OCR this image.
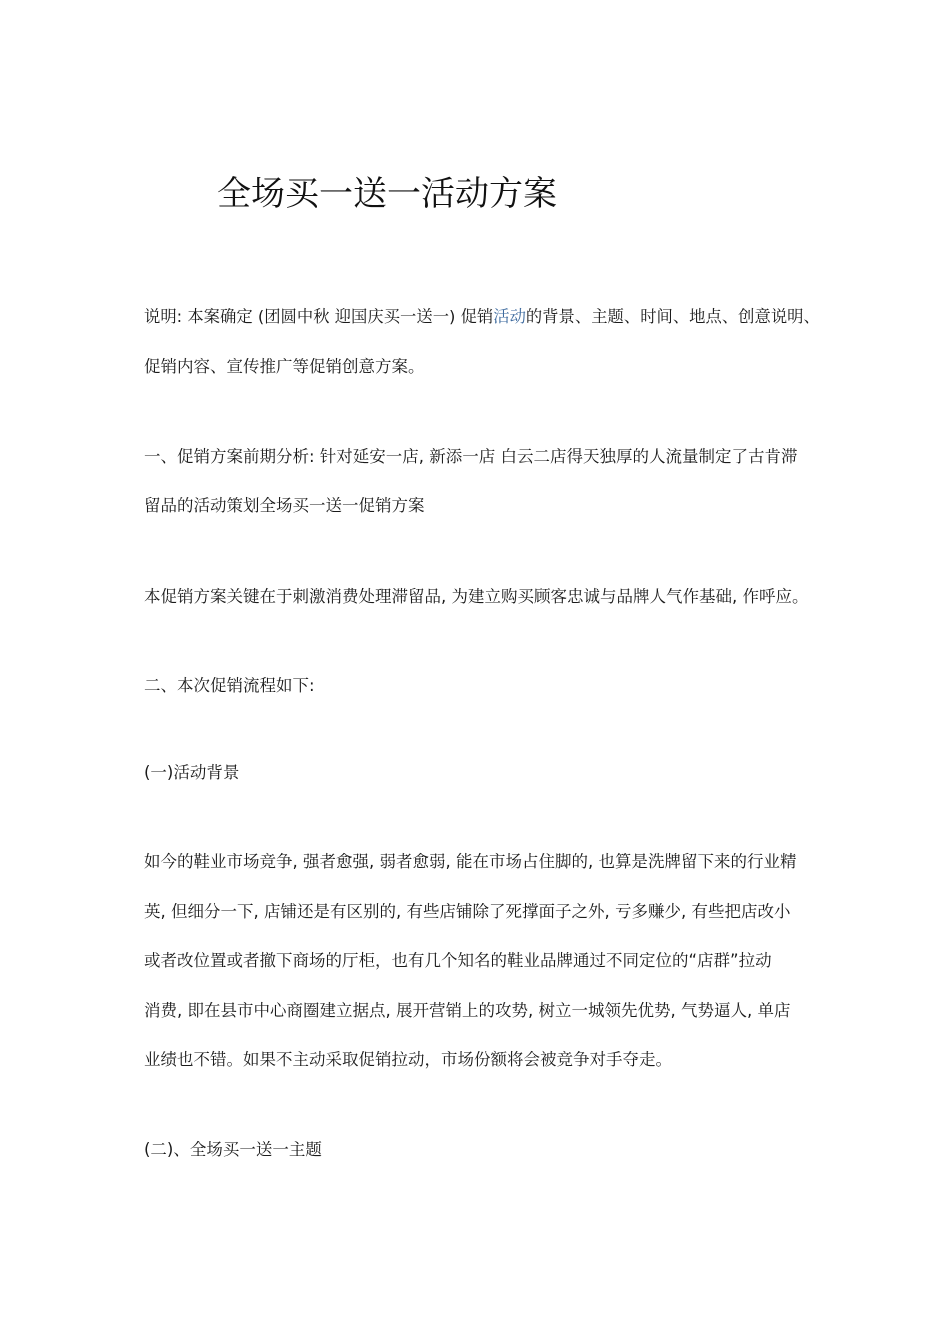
全场买一送一活动方案
说明: 本案确定 (团圆中秋 迎国庆买一送一) 促销活动的背景、主题、时间、地点、创意说明、
促销内容、宣传推广等促销创意方案。
一、促销方案前期分析: 针对延安一店, 新添一店 白云二店得天独厚的人流量制定了古肯滞
留品的活动策划全场买一送一促销方案
本促销方案关键在于刺激消费处理滞留品, 为建立购买顾客忠诚与品牌人气作基础, 作呼应。
二、本次促销流程如下:
(一)活动背景
如今的鞋业市场竞争, 强者愈强, 弱者愈弱, 能在市场占住脚的, 也算是洗牌留下来的行业精
英, 但细分一下, 店铺还是有区别的, 有些店铺除了死撑面子之外, 亏多赚少, 有些把店改小
或者改位置或者撤下商场的厅柜，也有几个知名的鞋业品牌通过不同定位的“店群”拉动
消费, 即在县市中心商圈建立据点, 展开营销上的攻势, 树立一城领先优势, 气势逼人, 单店
业绩也不错。如果不主动采取促销拉动，市场份额将会被竞争对手夺走。
(二)、全场买一送一主题
